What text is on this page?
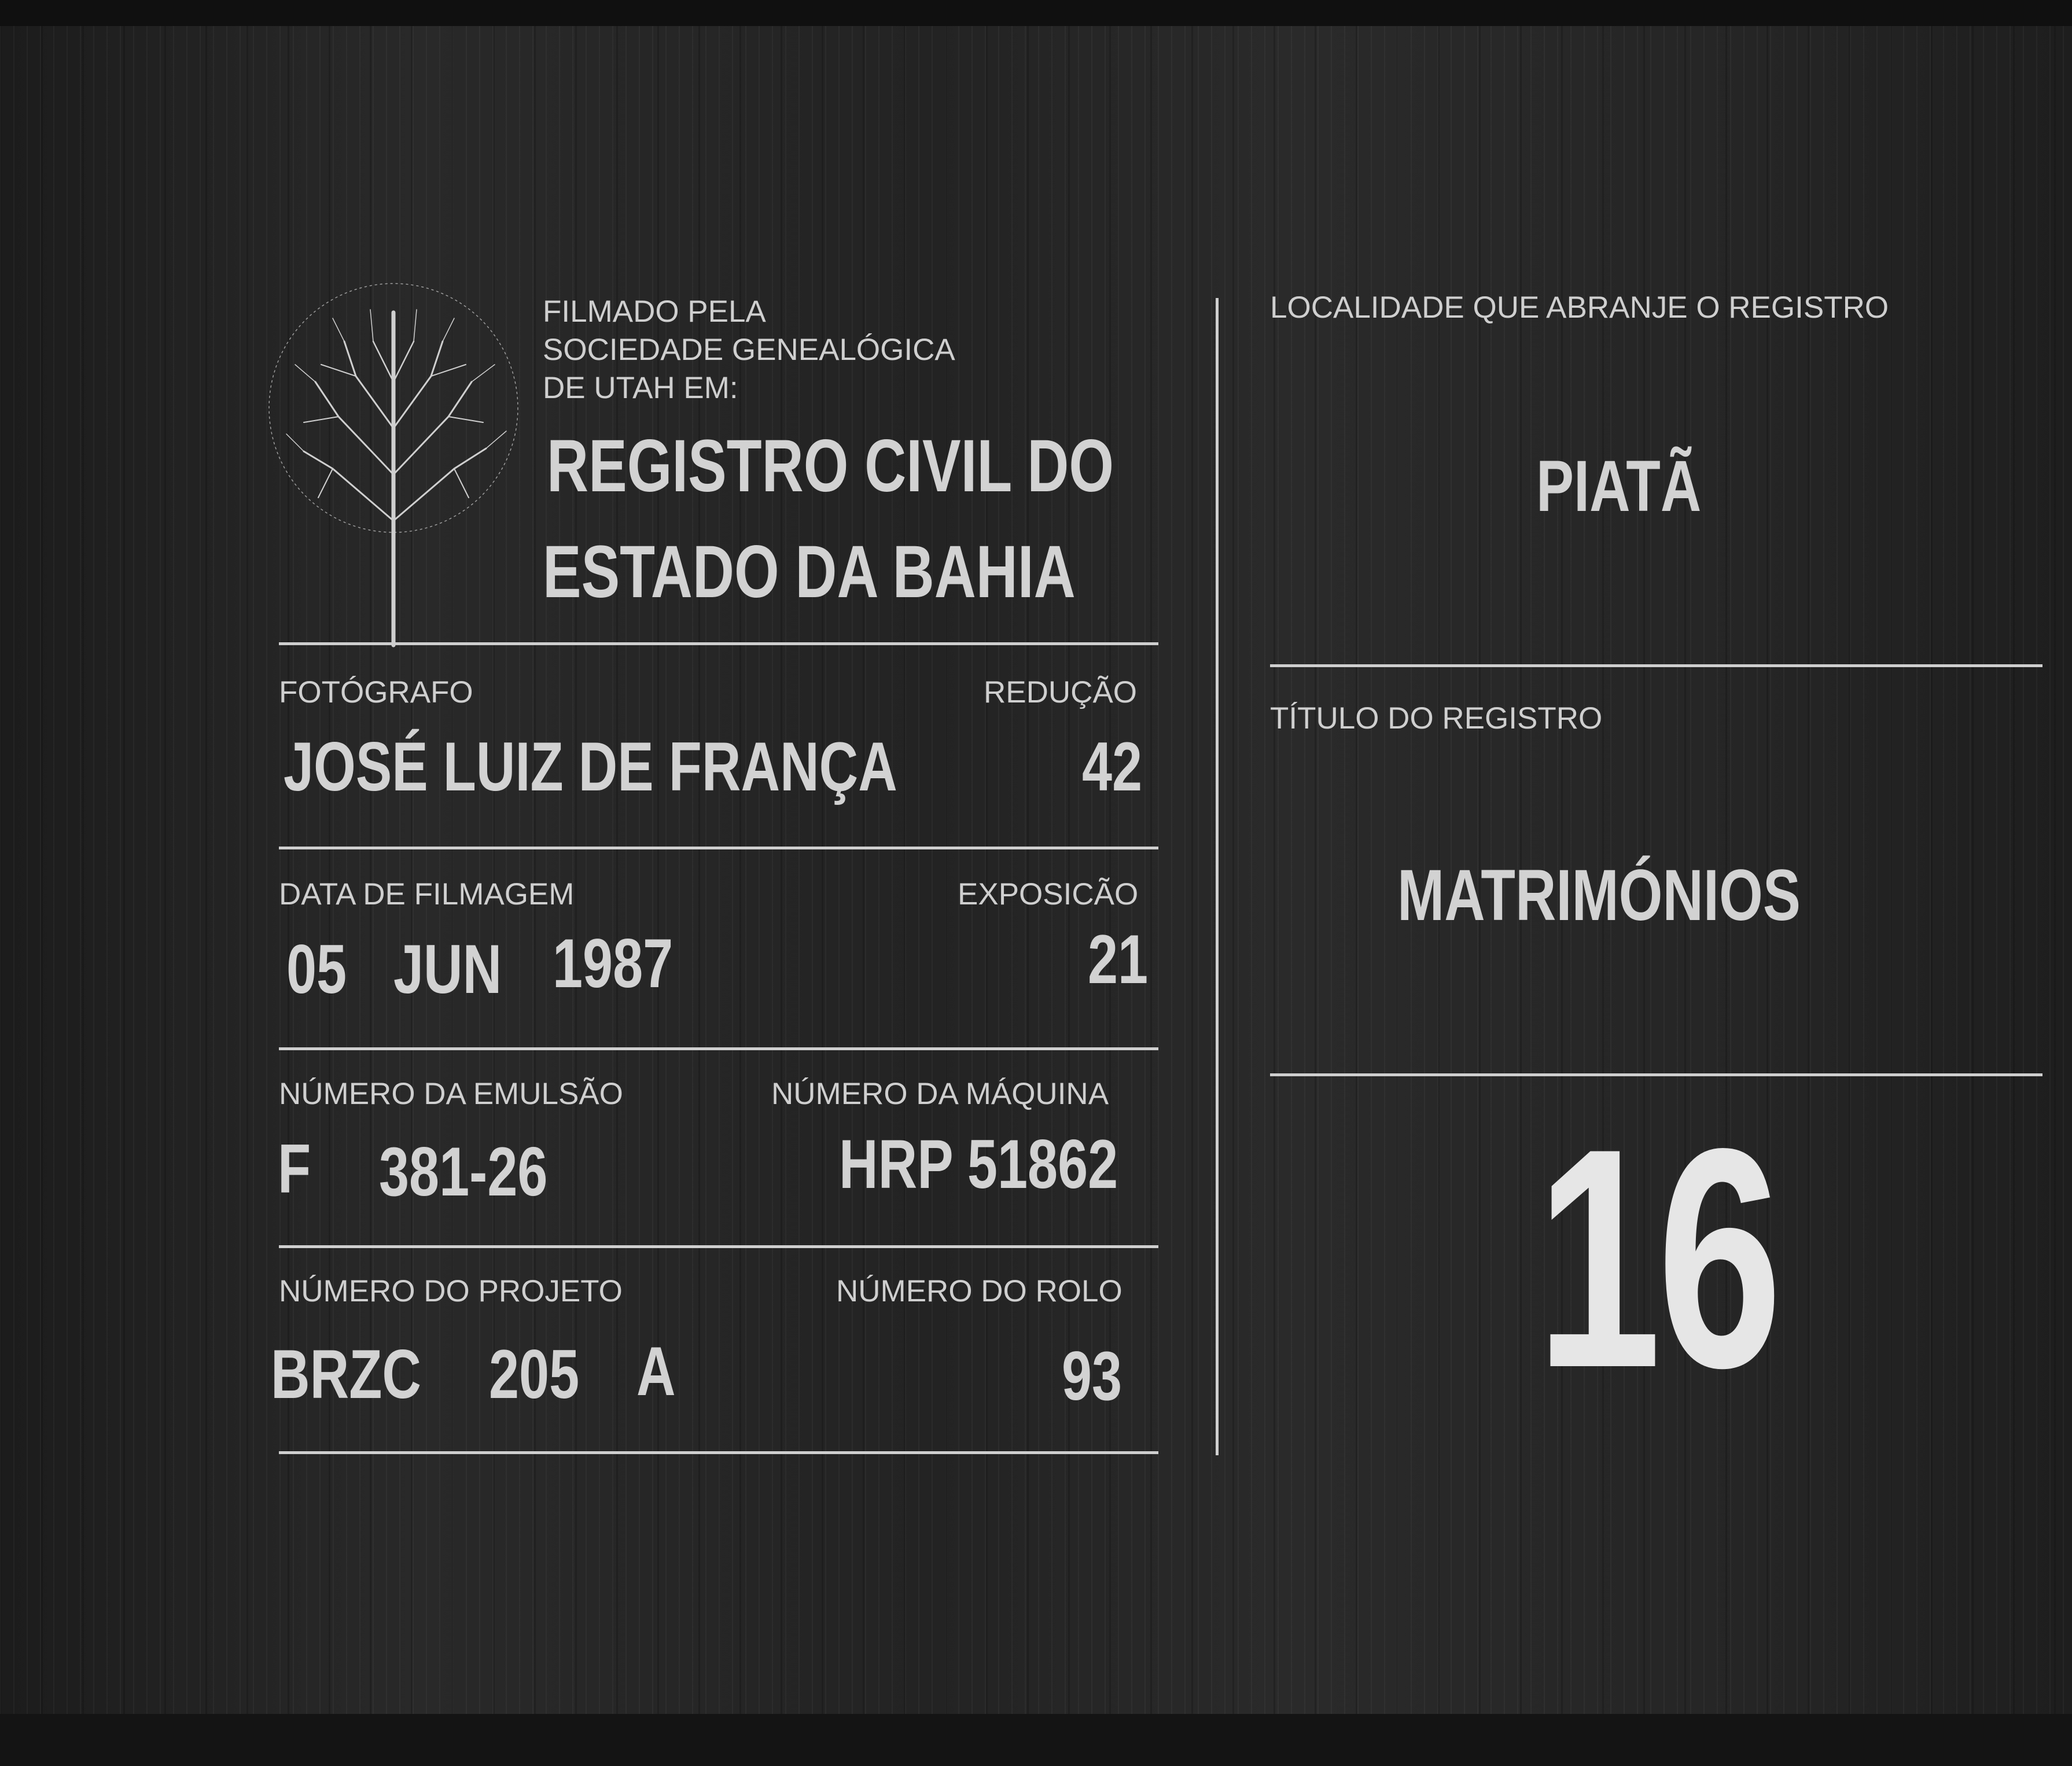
FILMADO PELA
SOCIEDADE GENEALÓGICA
DE UTAH EM:
REGISTRO CIVIL DO
ESTADO DA BAHIA
FOTÓGRAFO	REDUÇÃO
JOSÉ LUIZ DE FRANÇA	42
DATA DE FILMAGEM	EXPOSICÃO
05 JUN 1987	21
NÚMERO DA EMULSÃO	NÚMERO DA MÁQUINA
F 381-26	HRP 51862
NÚMERO DO PROJETO	NÚMERO DO ROLO
BRZC 205 A	93
LOCALIDADE QUE ABRANJE O REGISTRO
PIATÃ
TÍTULO DO REGISTRO
MATRIMÓNIOS
16
